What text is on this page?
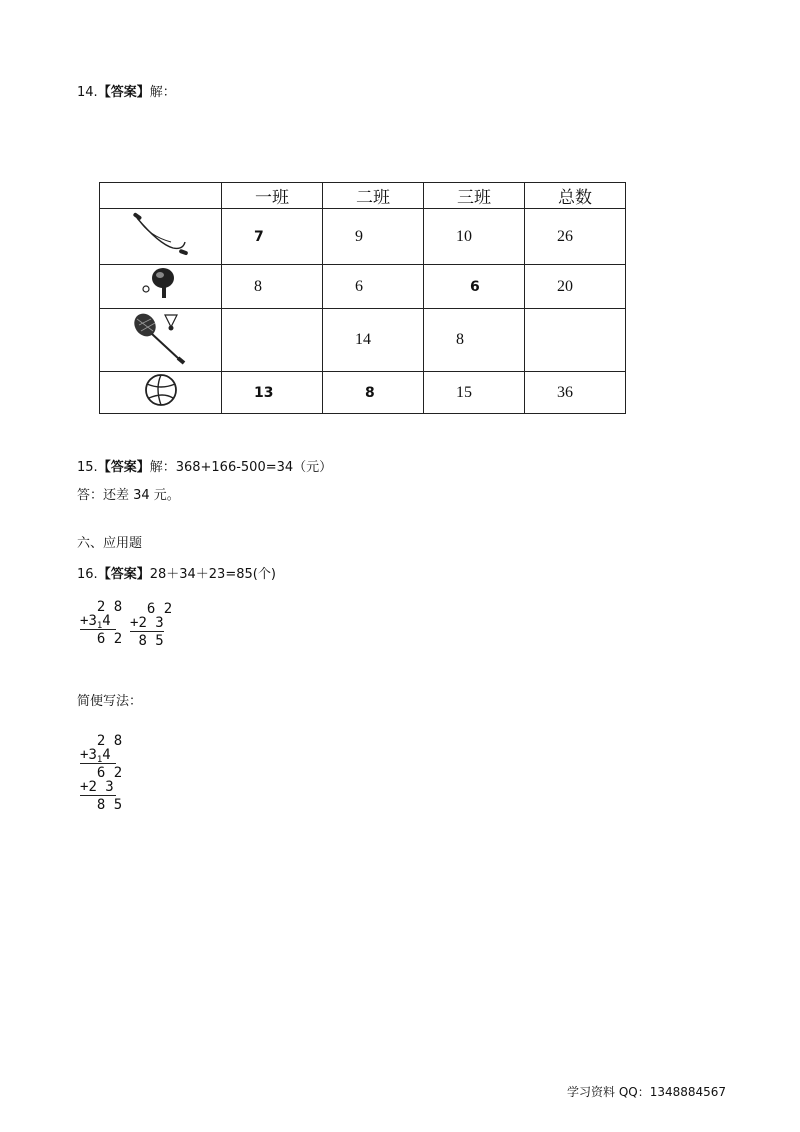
14.【答案】解：
	一班	二班	三班	总数
	7	9	10	26
	8	6	6	20
		14	8	
	13	8	15	36
15.【答案】解：368+166-500=34（元）
答：还差 34 元。
六、应用题
16.【答案】28＋34＋23=85(个)
2 8
$+3_14$
6 2
6 2
+2 3
8 5
简便写法：
2 8
$+3_14$
6 2
+2 3
8 5
学习资料 QQ：1348884567
